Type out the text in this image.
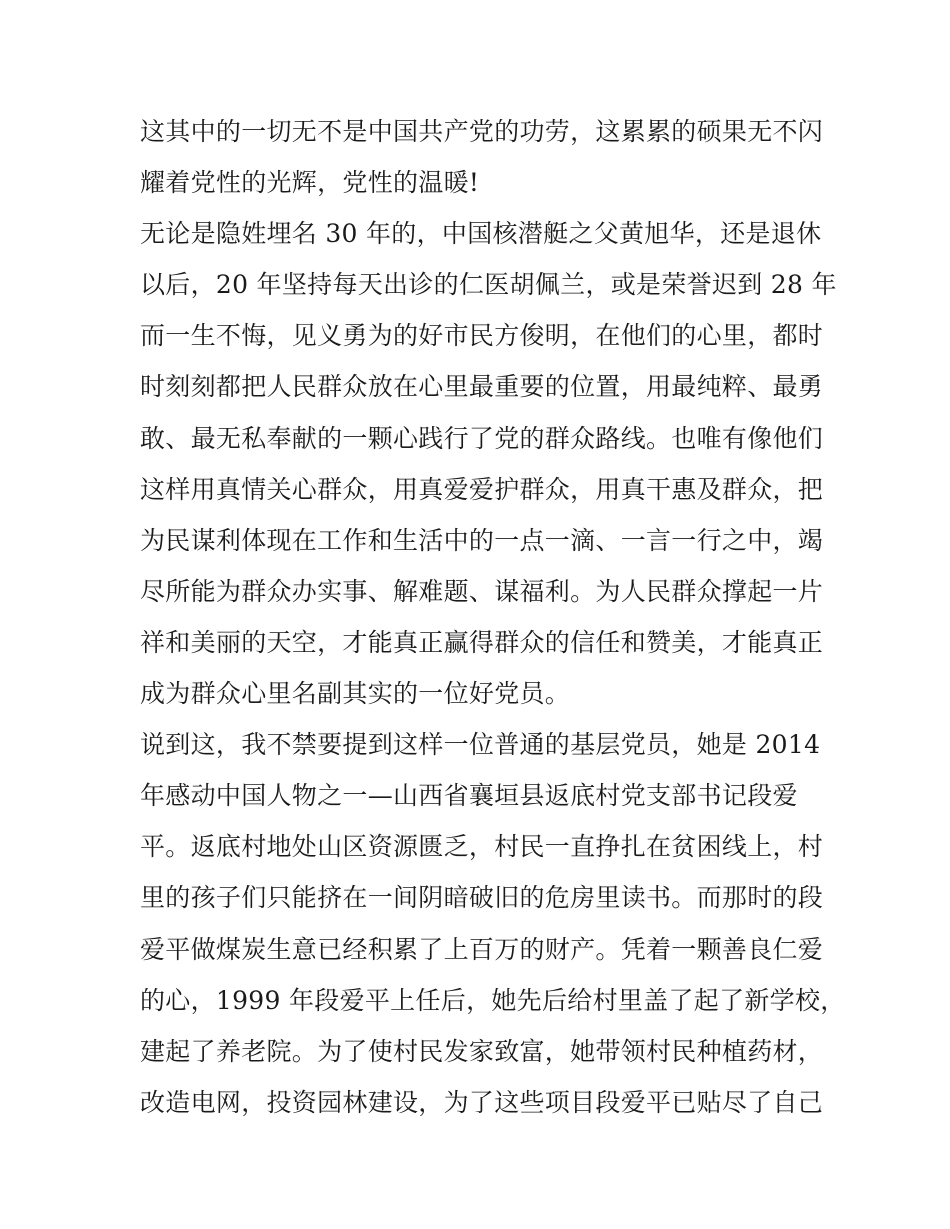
这其中的一切无不是中国共产党的功劳，这累累的硕果无不闪
耀着党性的光辉，党性的温暖!
无论是隐姓埋名 30 年的，中国核潜艇之父黄旭华，还是退休
以后，20 年坚持每天出诊的仁医胡佩兰，或是荣誉迟到 28 年
而一生不悔，见义勇为的好市民方俊明，在他们的心里，都时
时刻刻都把人民群众放在心里最重要的位置，用最纯粹、最勇
敢、最无私奉献的一颗心践行了党的群众路线。也唯有像他们
这样用真情关心群众，用真爱爱护群众，用真干惠及群众，把
为民谋利体现在工作和生活中的一点一滴、一言一行之中，竭
尽所能为群众办实事、解难题、谋福利。为人民群众撑起一片
祥和美丽的天空，才能真正赢得群众的信任和赞美，才能真正
成为群众心里名副其实的一位好党员。
说到这，我不禁要提到这样一位普通的基层党员，她是 2014
年感动中国人物之一—山西省襄垣县返底村党支部书记段爱
平。返底村地处山区资源匮乏，村民一直挣扎在贫困线上，村
里的孩子们只能挤在一间阴暗破旧的危房里读书。而那时的段
爱平做煤炭生意已经积累了上百万的财产。凭着一颗善良仁爱
的心，1999 年段爱平上任后，她先后给村里盖了起了新学校，
建起了养老院。为了使村民发家致富，她带领村民种植药材，
改造电网，投资园林建设，为了这些项目段爱平已贴尽了自己
